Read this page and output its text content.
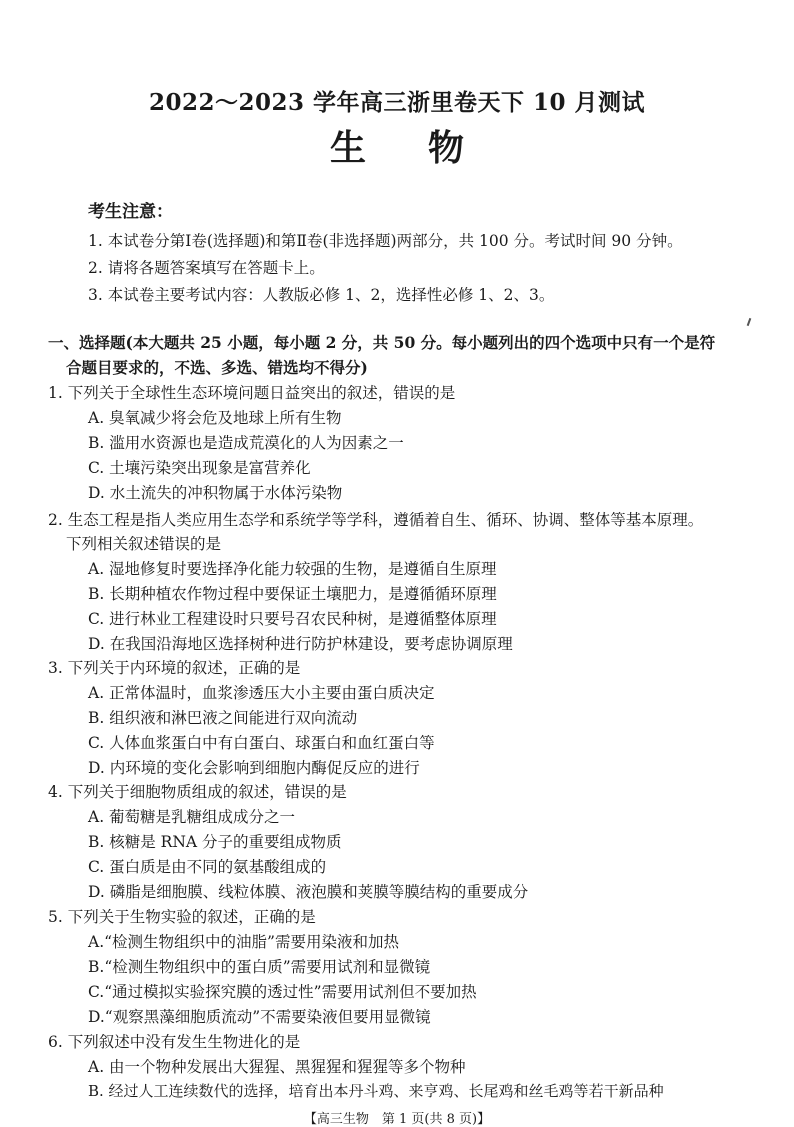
2022～2023 学年高三浙里卷天下 10 月测试
生物
考生注意：
1. 本试卷分第Ⅰ卷(选择题)和第Ⅱ卷(非选择题)两部分，共 100 分。考试时间 90 分钟。
2. 请将各题答案填写在答题卡上。
3. 本试卷主要考试内容：人教版必修 1、2，选择性必修 1、2、3。
一、选择题(本大题共 25 小题，每小题 2 分，共 50 分。每小题列出的四个选项中只有一个是符
合题目要求的，不选、多选、错选均不得分)
1. 下列关于全球性生态环境问题日益突出的叙述，错误的是
A. 臭氧减少将会危及地球上所有生物
B. 滥用水资源也是造成荒漠化的人为因素之一
C. 土壤污染突出现象是富营养化
D. 水土流失的冲积物属于水体污染物
2. 生态工程是指人类应用生态学和系统学等学科，遵循着自生、循环、协调、整体等基本原理。
下列相关叙述错误的是
A. 湿地修复时要选择净化能力较强的生物，是遵循自生原理
B. 长期种植农作物过程中要保证土壤肥力，是遵循循环原理
C. 进行林业工程建设时只要号召农民种树，是遵循整体原理
D. 在我国沿海地区选择树种进行防护林建设，要考虑协调原理
3. 下列关于内环境的叙述，正确的是
A. 正常体温时，血浆渗透压大小主要由蛋白质决定
B. 组织液和淋巴液之间能进行双向流动
C. 人体血浆蛋白中有白蛋白、球蛋白和血红蛋白等
D. 内环境的变化会影响到细胞内酶促反应的进行
4. 下列关于细胞物质组成的叙述，错误的是
A. 葡萄糖是乳糖组成成分之一
B. 核糖是 RNA 分子的重要组成物质
C. 蛋白质是由不同的氨基酸组成的
D. 磷脂是细胞膜、线粒体膜、液泡膜和荚膜等膜结构的重要成分
5. 下列关于生物实验的叙述，正确的是
A.“检测生物组织中的油脂”需要用染液和加热
B.“检测生物组织中的蛋白质”需要用试剂和显微镜
C.“通过模拟实验探究膜的透过性”需要用试剂但不要加热
D.“观察黑藻细胞质流动”不需要染液但要用显微镜
6. 下列叙述中没有发生生物进化的是
A. 由一个物种发展出大猩猩、黑猩猩和猩猩等多个物种
B. 经过人工连续数代的选择，培育出本丹斗鸡、来亨鸡、长尾鸡和丝毛鸡等若干新品种
【高三生物　第 1 页(共 8 页)】
